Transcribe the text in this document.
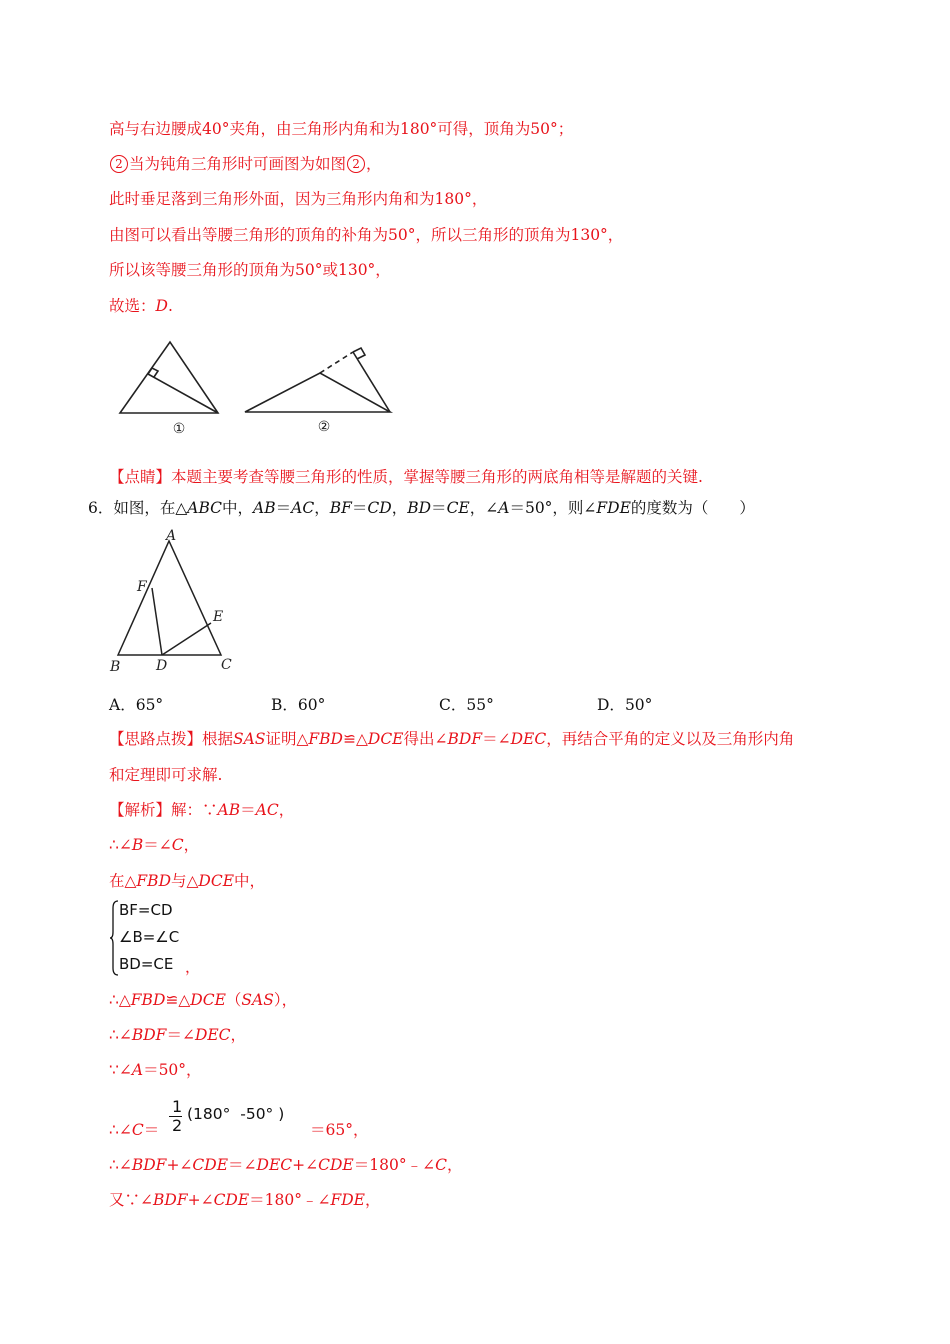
高与右边腰成40°夹角，由三角形内角和为180°可得，顶角为50°；
2 当为钝角三角形时可画图为如图 2 ，
此时垂足落到三角形外面，因为三角形内角和为180°，
由图可以看出等腰三角形的顶角的补角为50°，所以三角形的顶角为130°，
所以该等腰三角形的顶角为50°或130°，
故选：D.
①	②
【点睛】本题主要考查等腰三角形的性质，掌握等腰三角形的两底角相等是解题的关键.
6．如图，在△ABC中，AB＝AC，BF＝CD，BD＝CE，∠A＝50°，则∠FDE的度数为（　　）
A
B	C
D
E
F
A．65°	B．60°	C．55°	D．50°
【思路点拨】根据SAS证明△FBD≌△DCE得出∠BDF＝∠DEC，再结合平角的定义以及三角形内角
和定理即可求解.
【解析】解：∵AB＝AC，
∴∠B＝∠C，
在△FBD与△DCE中，
BF=CD
∠B=∠C
BD=CE ，
∴△FBD≌△DCE（SAS），
∴∠BDF＝∠DEC，
∵∠A＝50°，
∴∠C＝
1
2
(180°  -50° )
＝65°，
∴∠BDF+∠CDE＝∠DEC+∠CDE＝180°﹣∠C，
又∵∠BDF+∠CDE＝180°﹣∠FDE，
